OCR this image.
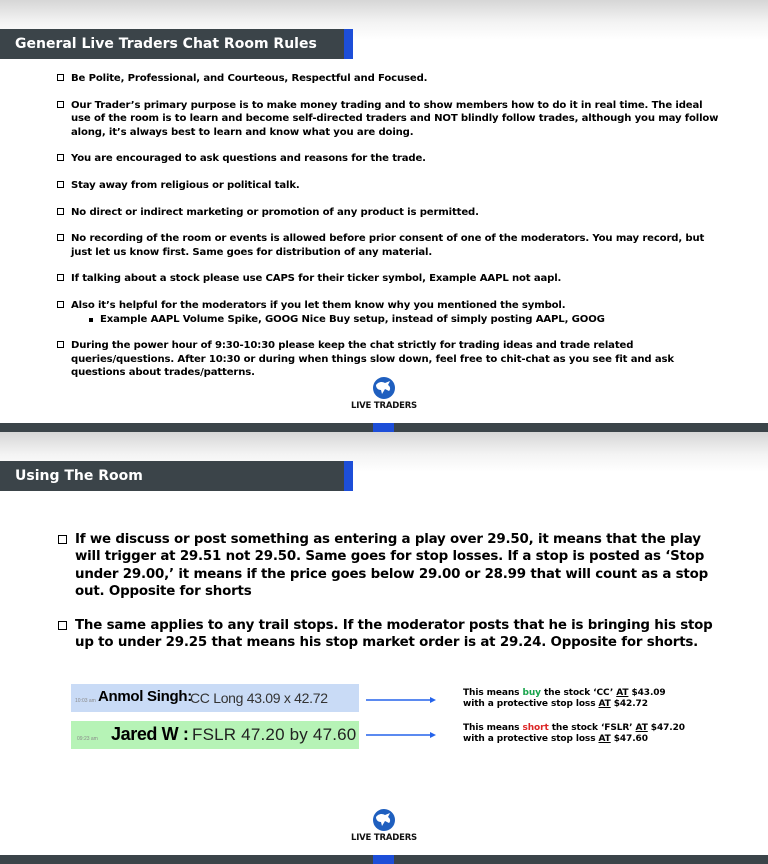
General Live Traders Chat Room Rules
Be Polite, Professional, and Courteous, Respectful and Focused.
Our Trader’s primary purpose is to make money trading and to show members how to do it in real time. The ideal use of the room is to learn and become self-directed traders and NOT blindly follow trades, although you may follow along, it’s always best to learn and know what you are doing.
You are encouraged to ask questions and reasons for the trade.
Stay away from religious or political talk.
No direct or indirect marketing or promotion of any product is permitted.
No recording of the room or events is allowed before prior consent of one of the moderators. You may record, but just let us know first. Same goes for distribution of any material.
If talking about a stock please use CAPS for their ticker symbol, Example AAPL not aapl.
Also it’s helpful for the moderators if you let them know why you mentioned the symbol.
Example AAPL Volume Spike, GOOG Nice Buy setup, instead of simply posting AAPL, GOOG
During the power hour of 9:30-10:30 please keep the chat strictly for trading ideas and trade related queries/questions. After 10:30 or during when things slow down, feel free to chit-chat as you see fit and ask questions about trades/patterns.
LIVE TRADERS
Using The Room
If we discuss or post something as entering a play over 29.50, it means that the play will trigger at 29.51 not 29.50. Same goes for stop losses. If a stop is posted as ‘Stop under 29.00,’ it means if the price goes below 29.00 or 28.99 that will count as a stop out. Opposite for shorts
The same applies to any trail stops. If the moderator posts that he is bringing his stop up to under 29.25 that means his stop market order is at 29.24. Opposite for shorts.
10:03 am Anmol Singh:
CC Long 43.09 x 42.72	This means buy the stock ‘CC’ AT $43.09
with a protective stop loss AT $42.72
09:23 am Jared W : FSLR 47.20 by 47.60	This means short the stock ‘FSLR’ AT $47.20
with a protective stop loss AT $47.60
LIVE TRADERS
